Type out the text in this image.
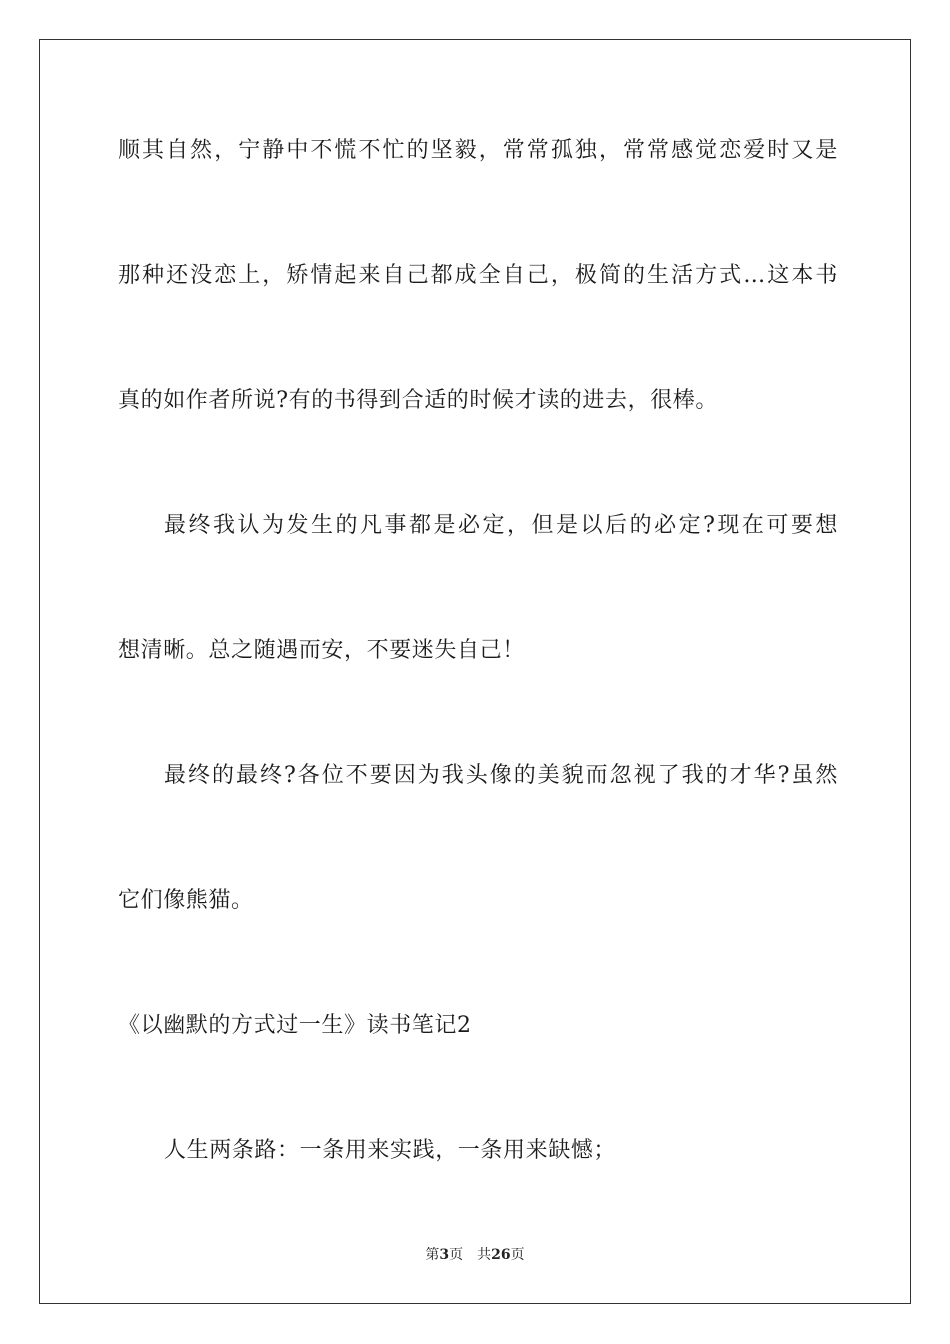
顺其自然，宁静中不慌不忙的坚毅，常常孤独，常常感觉恋爱时又是
那种还没恋上，矫情起来自己都成全自己，极简的生活方式…这本书
真的如作者所说?有的书得到合适的时候才读的进去，很棒。
最终我认为发生的凡事都是必定，但是以后的必定?现在可要想
想清晰。总之随遇而安，不要迷失自己！
最终的最终?各位不要因为我头像的美貌而忽视了我的才华?虽然
它们像熊猫。
《以幽默的方式过一生》读书笔记2
人生两条路：一条用来实践，一条用来缺憾；
第3页 共26页
